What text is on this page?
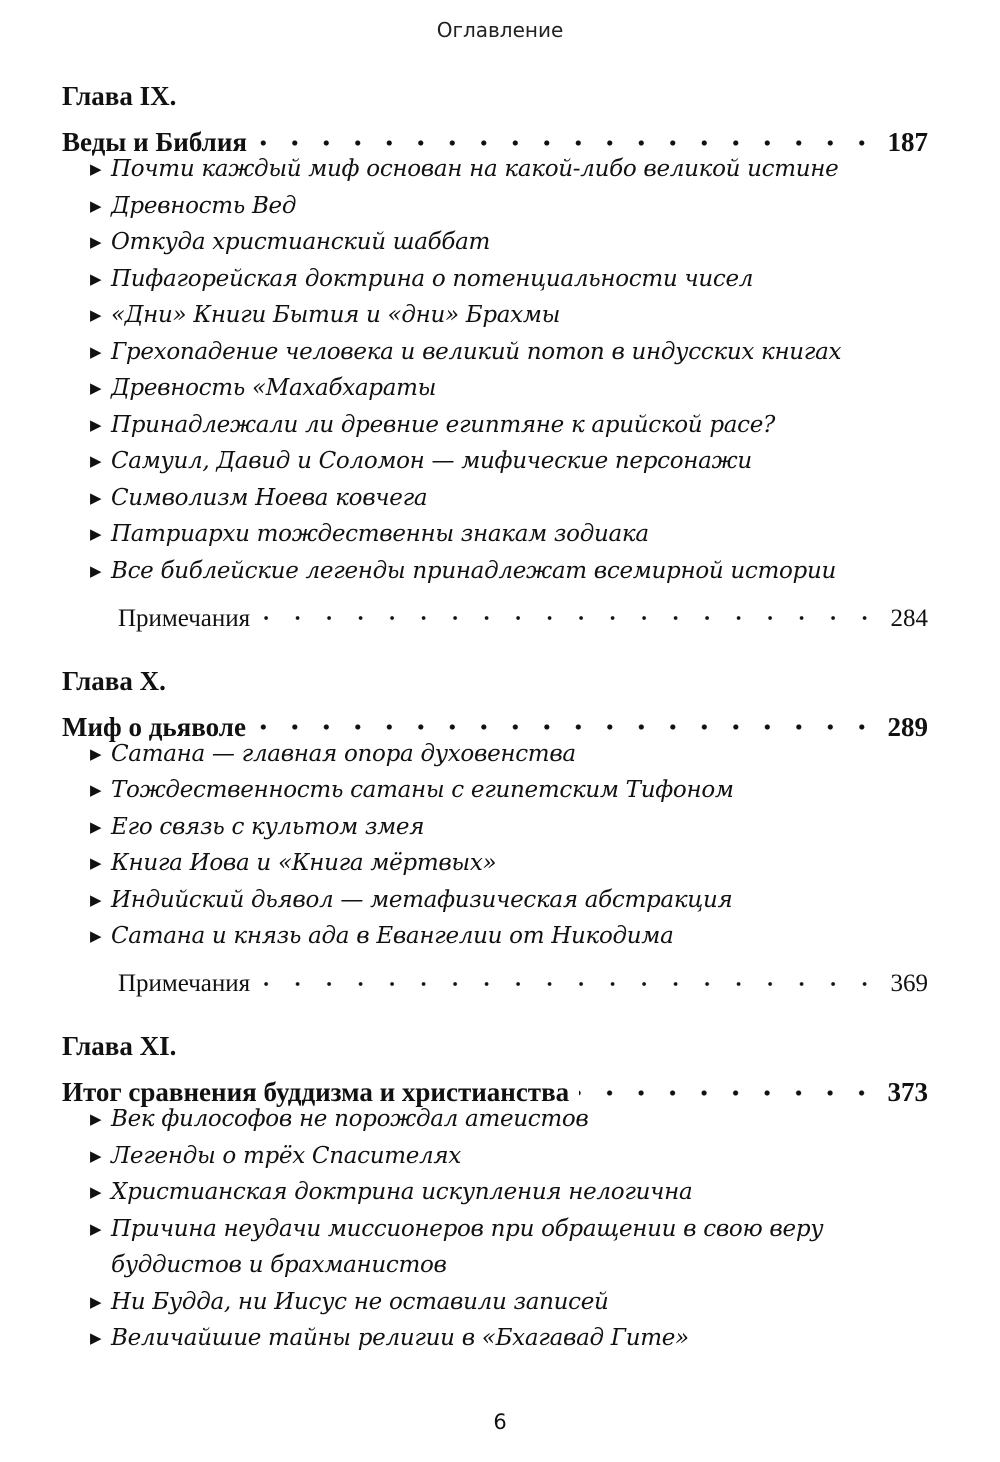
Оглавление
Глава IX.
Веды и Библия	187
▶ Почти каждый миф основан на какой-либо великой истине
▶ Древность Вед
▶ Откуда христианский шаббат
▶ Пифагорейская доктрина о потенциальности чисел
▶ «Дни» Книги Бытия и «дни» Брахмы
▶ Грехопадение человека и великий потоп в индусских книгах
▶ Древность «Махабхараты
▶ Принадлежали ли древние египтяне к арийской расе?
▶ Самуил, Давид и Соломон — мифические персонажи
▶ Символизм Ноева ковчега
▶ Патриархи тождественны знакам зодиака
▶ Все библейские легенды принадлежат всемирной истории
Примечания	284
Глава X.
Миф о дьяволе	289
▶ Сатана — главная опора духовенства
▶ Тождественность сатаны с египетским Тифоном
▶ Его связь с культом змея
▶ Книга Иова и «Книга мёртвых»
▶ Индийский дьявол — метафизическая абстракция
▶ Сатана и князь ада в Евангелии от Никодима
Примечания	369
Глава XI.
Итог сравнения буддизма и христианства	373
▶ Век философов не порождал атеистов
▶ Легенды о трёх Спасителях
▶ Христианская доктрина искупления нелогична
▶ Причина неудачи миссионеров при обращении в свою веру
буддистов и брахманистов
▶ Ни Будда, ни Иисус не оставили записей
▶ Величайшие тайны религии в «Бхагавад Гите»
6
